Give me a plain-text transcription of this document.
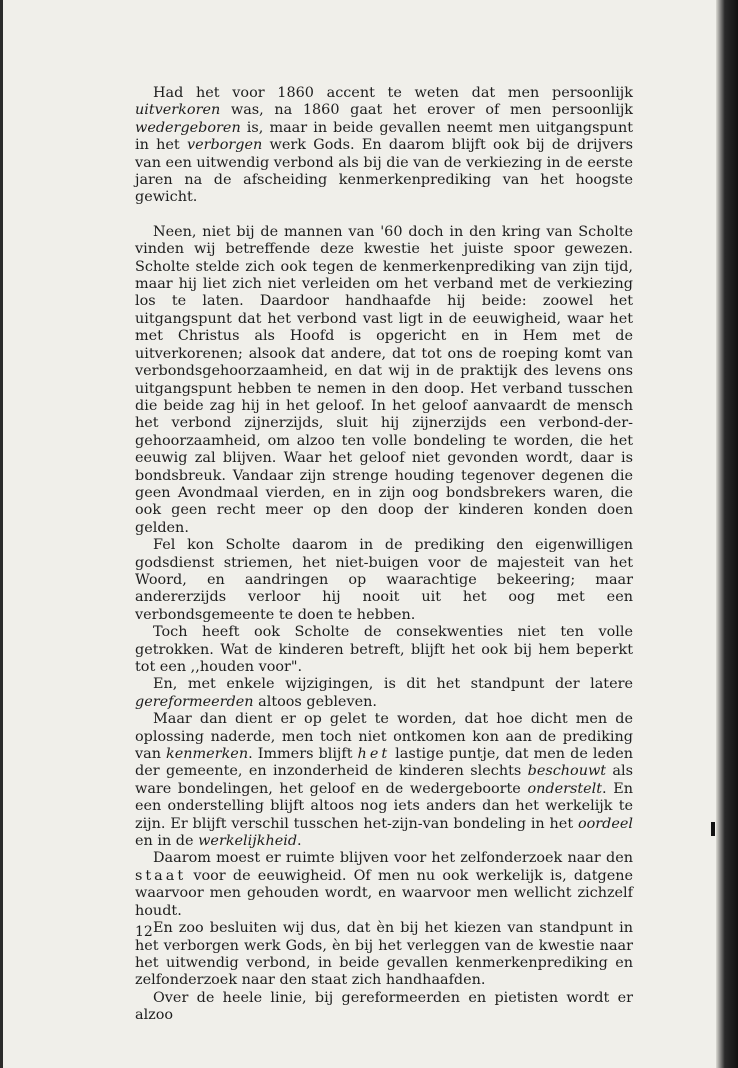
Had het voor 1860 accent te weten dat men persoonlijk uitverkoren was, na 1860 gaat het erover of men persoonlijk wedergeboren is, maar in beide gevallen neemt men uitgangspunt in het verborgen werk Gods. En daarom blijft ook bij de drijvers van een uitwendig verbond als bij die van de verkiezing in de eerste jaren na de afscheiding kenmerkenprediking van het hoogste gewicht.

Neen, niet bij de mannen van '60 doch in den kring van Scholte vinden wij betreffende deze kwestie het juiste spoor gewezen. Scholte stelde zich ook tegen de kenmerkenprediking van zijn tijd, maar hij liet zich niet verleiden om het verband met de verkiezing los te laten. Daardoor handhaafde hij beide: zoowel het uitgangspunt dat het verbond vast ligt in de eeuwigheid, waar het met Christus als Hoofd is opgericht en in Hem met de uitverkorenen; alsook dat andere, dat tot ons de roeping komt van verbondsgehoorzaamheid, en dat wij in de praktijk des levens ons uitgangspunt hebben te nemen in den doop. Het verband tusschen die beide zag hij in het geloof. In het geloof aanvaardt de mensch het verbond zijnerzijds, sluit hij zijnerzijds een verbond-der-gehoorzaamheid, om alzoo ten volle bondeling te worden, die het eeuwig zal blijven. Waar het geloof niet gevonden wordt, daar is bondsbreuk. Vandaar zijn strenge houding tegenover degenen die geen Avondmaal vierden, en in zijn oog bondsbrekers waren, die ook geen recht meer op den doop der kinderen konden doen gelden.

Fel kon Scholte daarom in de prediking den eigenwilligen godsdienst striemen, het niet-buigen voor de majesteit van het Woord, en aandringen op waarachtige bekeering; maar andererzijds verloor hij nooit uit het oog met een verbondsgemeente te doen te hebben.

Toch heeft ook Scholte de consekwenties niet ten volle getrokken. Wat de kinderen betreft, blijft het ook bij hem beperkt tot een ,,houden voor".

En, met enkele wijzigingen, is dit het standpunt der latere gereformeerden altoos gebleven.

Maar dan dient er op gelet te worden, dat hoe dicht men de oplossing naderde, men toch niet ontkomen kon aan de prediking van kenmerken. Immers blijft het lastige puntje, dat men de leden der gemeente, en inzonderheid de kinderen slechts beschouwt als ware bondelingen, het geloof en de wedergeboorte onderstelt. En een onderstelling blijft altoos nog iets anders dan het werkelijk te zijn. Er blijft verschil tusschen het-zijn-van bondeling in het oordeel en in de werkelijkheid.

Daarom moest er ruimte blijven voor het zelfonderzoek naar den staat voor de eeuwigheid. Of men nu ook werkelijk is, datgene waarvoor men gehouden wordt, en waarvoor men wellicht zichzelf houdt.

En zoo besluiten wij dus, dat èn bij het kiezen van standpunt in het verborgen werk Gods, èn bij het verleggen van de kwestie naar het uitwendig verbond, in beide gevallen kenmerkenprediking en zelfonderzoek naar den staat zich handhaafden.

Over de heele linie, bij gereformeerden en pietisten wordt er alzoo

12
